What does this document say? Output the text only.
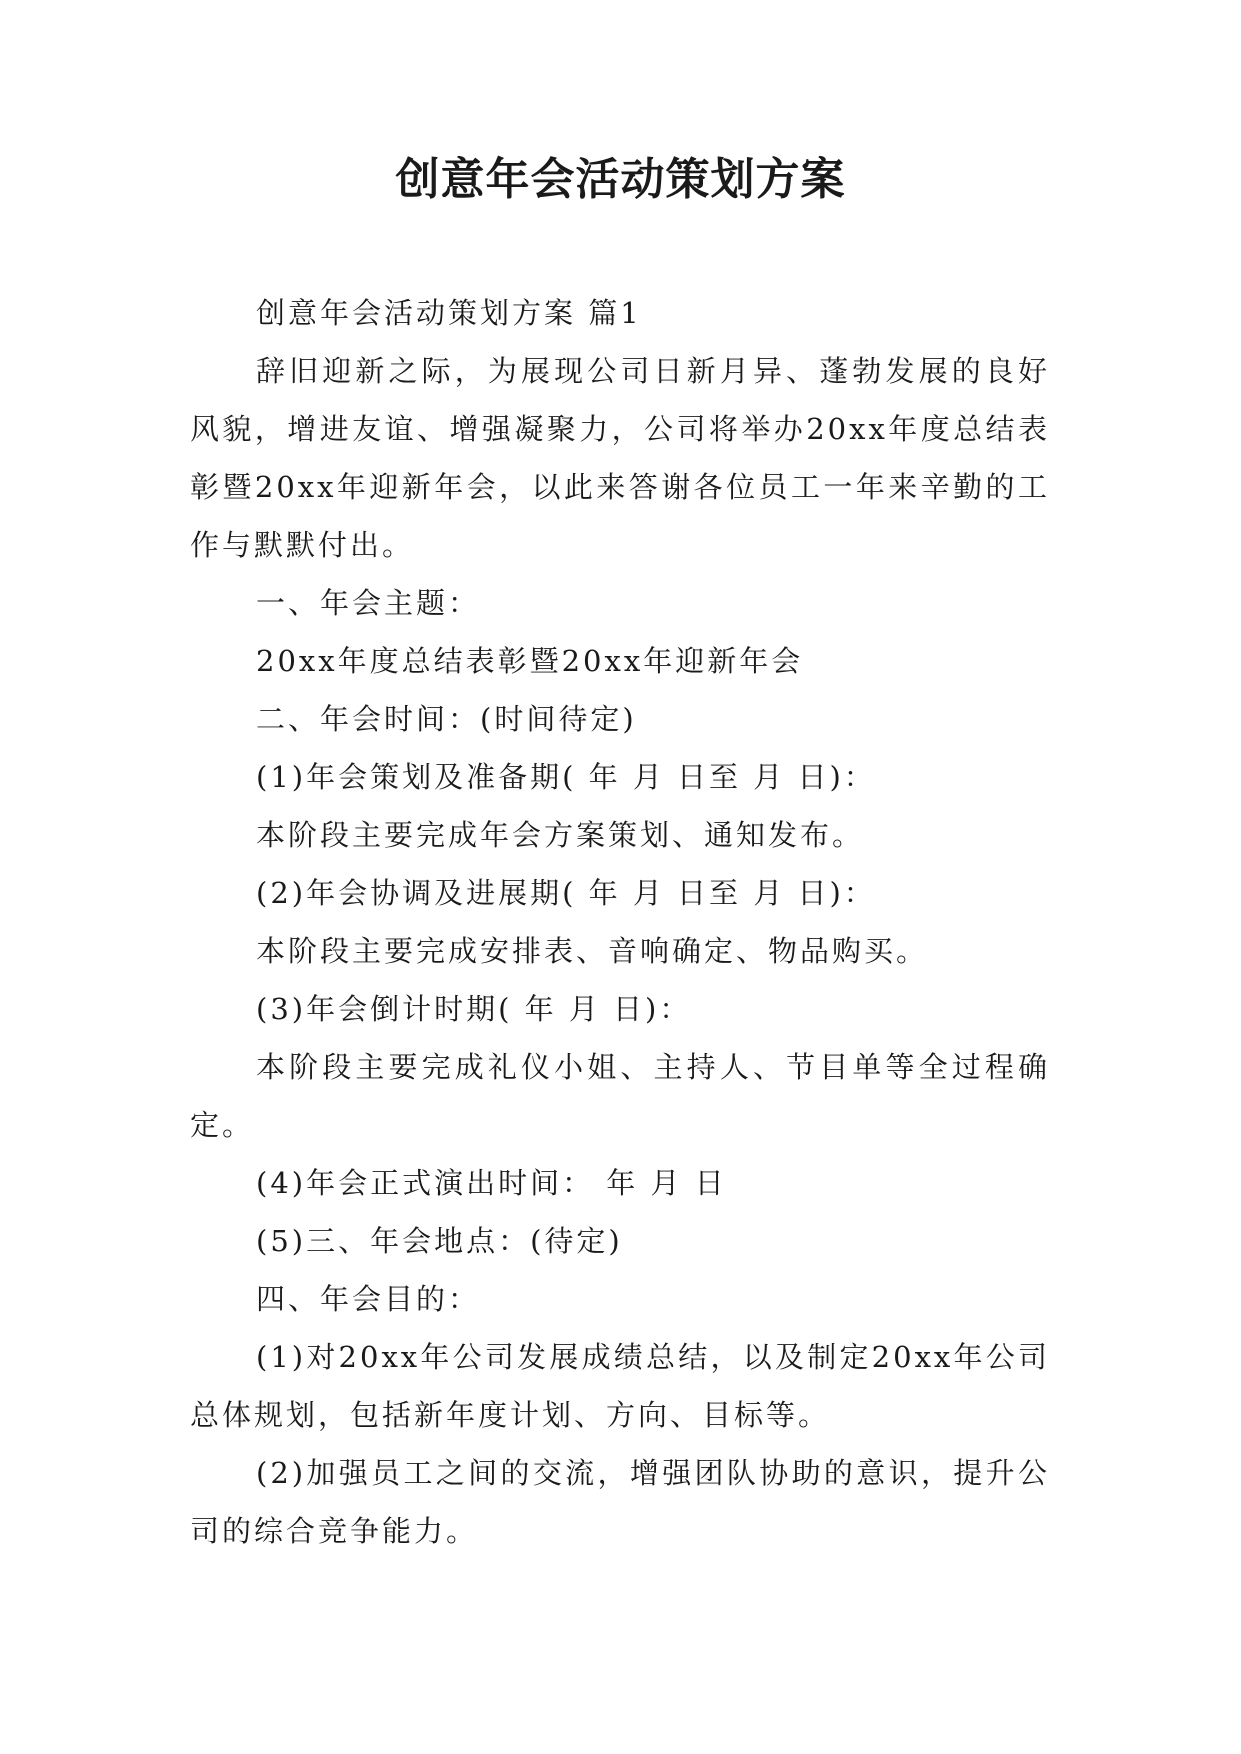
创意年会活动策划方案

创意年会活动策划方案 篇1

辞旧迎新之际，为展现公司日新月异、蓬勃发展的良好风貌，增进友谊、增强凝聚力，公司将举办20xx年度总结表彰暨20xx年迎新年会，以此来答谢各位员工一年来辛勤的工作与默默付出。

一、年会主题：

20xx年度总结表彰暨20xx年迎新年会

二、年会时间：(时间待定)

(1)年会策划及准备期( 年 月 日至 月 日)：

本阶段主要完成年会方案策划、通知发布。

(2)年会协调及进展期( 年 月 日至 月 日)：

本阶段主要完成安排表、音响确定、物品购买。

(3)年会倒计时期( 年 月 日)：

本阶段主要完成礼仪小姐、主持人、节目单等全过程确定。

(4)年会正式演出时间： 年 月 日

(5)三、年会地点：(待定)

四、年会目的：

(1)对20xx年公司发展成绩总结，以及制定20xx年公司总体规划，包括新年度计划、方向、目标等。

(2)加强员工之间的交流，增强团队协助的意识，提升公司的综合竞争能力。
